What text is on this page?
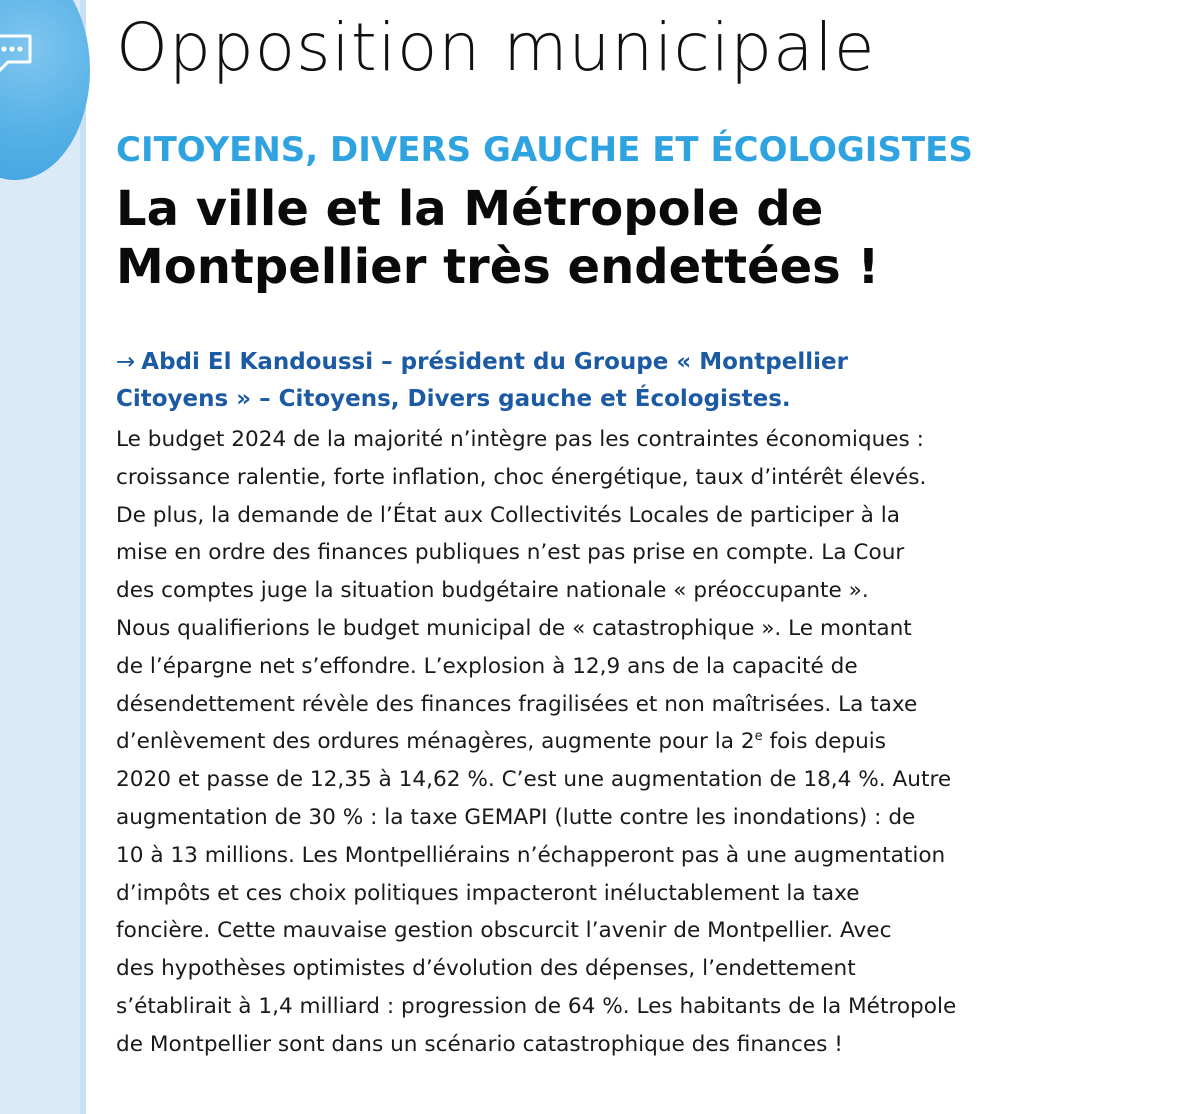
Opposition municipale
CITOYENS, DIVERS GAUCHE ET ÉCOLOGISTES
La ville et la Métropole de
Montpellier très endettées !
→ Abdi El Kandoussi – président du Groupe « Montpellier
Citoyens » – Citoyens, Divers gauche et Écologistes.
Le budget 2024 de la majorité n’intègre pas les contraintes économiques :
croissance ralentie, forte inflation, choc énergétique, taux d’intérêt élevés.
De plus, la demande de l’État aux Collectivités Locales de participer à la
mise en ordre des finances publiques n’est pas prise en compte. La Cour
des comptes juge la situation budgétaire nationale « préoccupante ».
Nous qualifierions le budget municipal de « catastrophique ». Le montant
de l’épargne net s’effondre. L’explosion à 12,9 ans de la capacité de
désendettement révèle des finances fragilisées et non maîtrisées. La taxe
d’enlèvement des ordures ménagères, augmente pour la 2e fois depuis
2020 et passe de 12,35 à 14,62 %. C’est une augmentation de 18,4 %. Autre
augmentation de 30 % : la taxe GEMAPI (lutte contre les inondations) : de
10 à 13 millions. Les Montpelliérains n’échapperont pas à une augmentation
d’impôts et ces choix politiques impacteront inéluctablement la taxe
foncière. Cette mauvaise gestion obscurcit l’avenir de Montpellier. Avec
des hypothèses optimistes d’évolution des dépenses, l’endettement
s’établirait à 1,4 milliard : progression de 64 %. Les habitants de la Métropole
de Montpellier sont dans un scénario catastrophique des finances !
